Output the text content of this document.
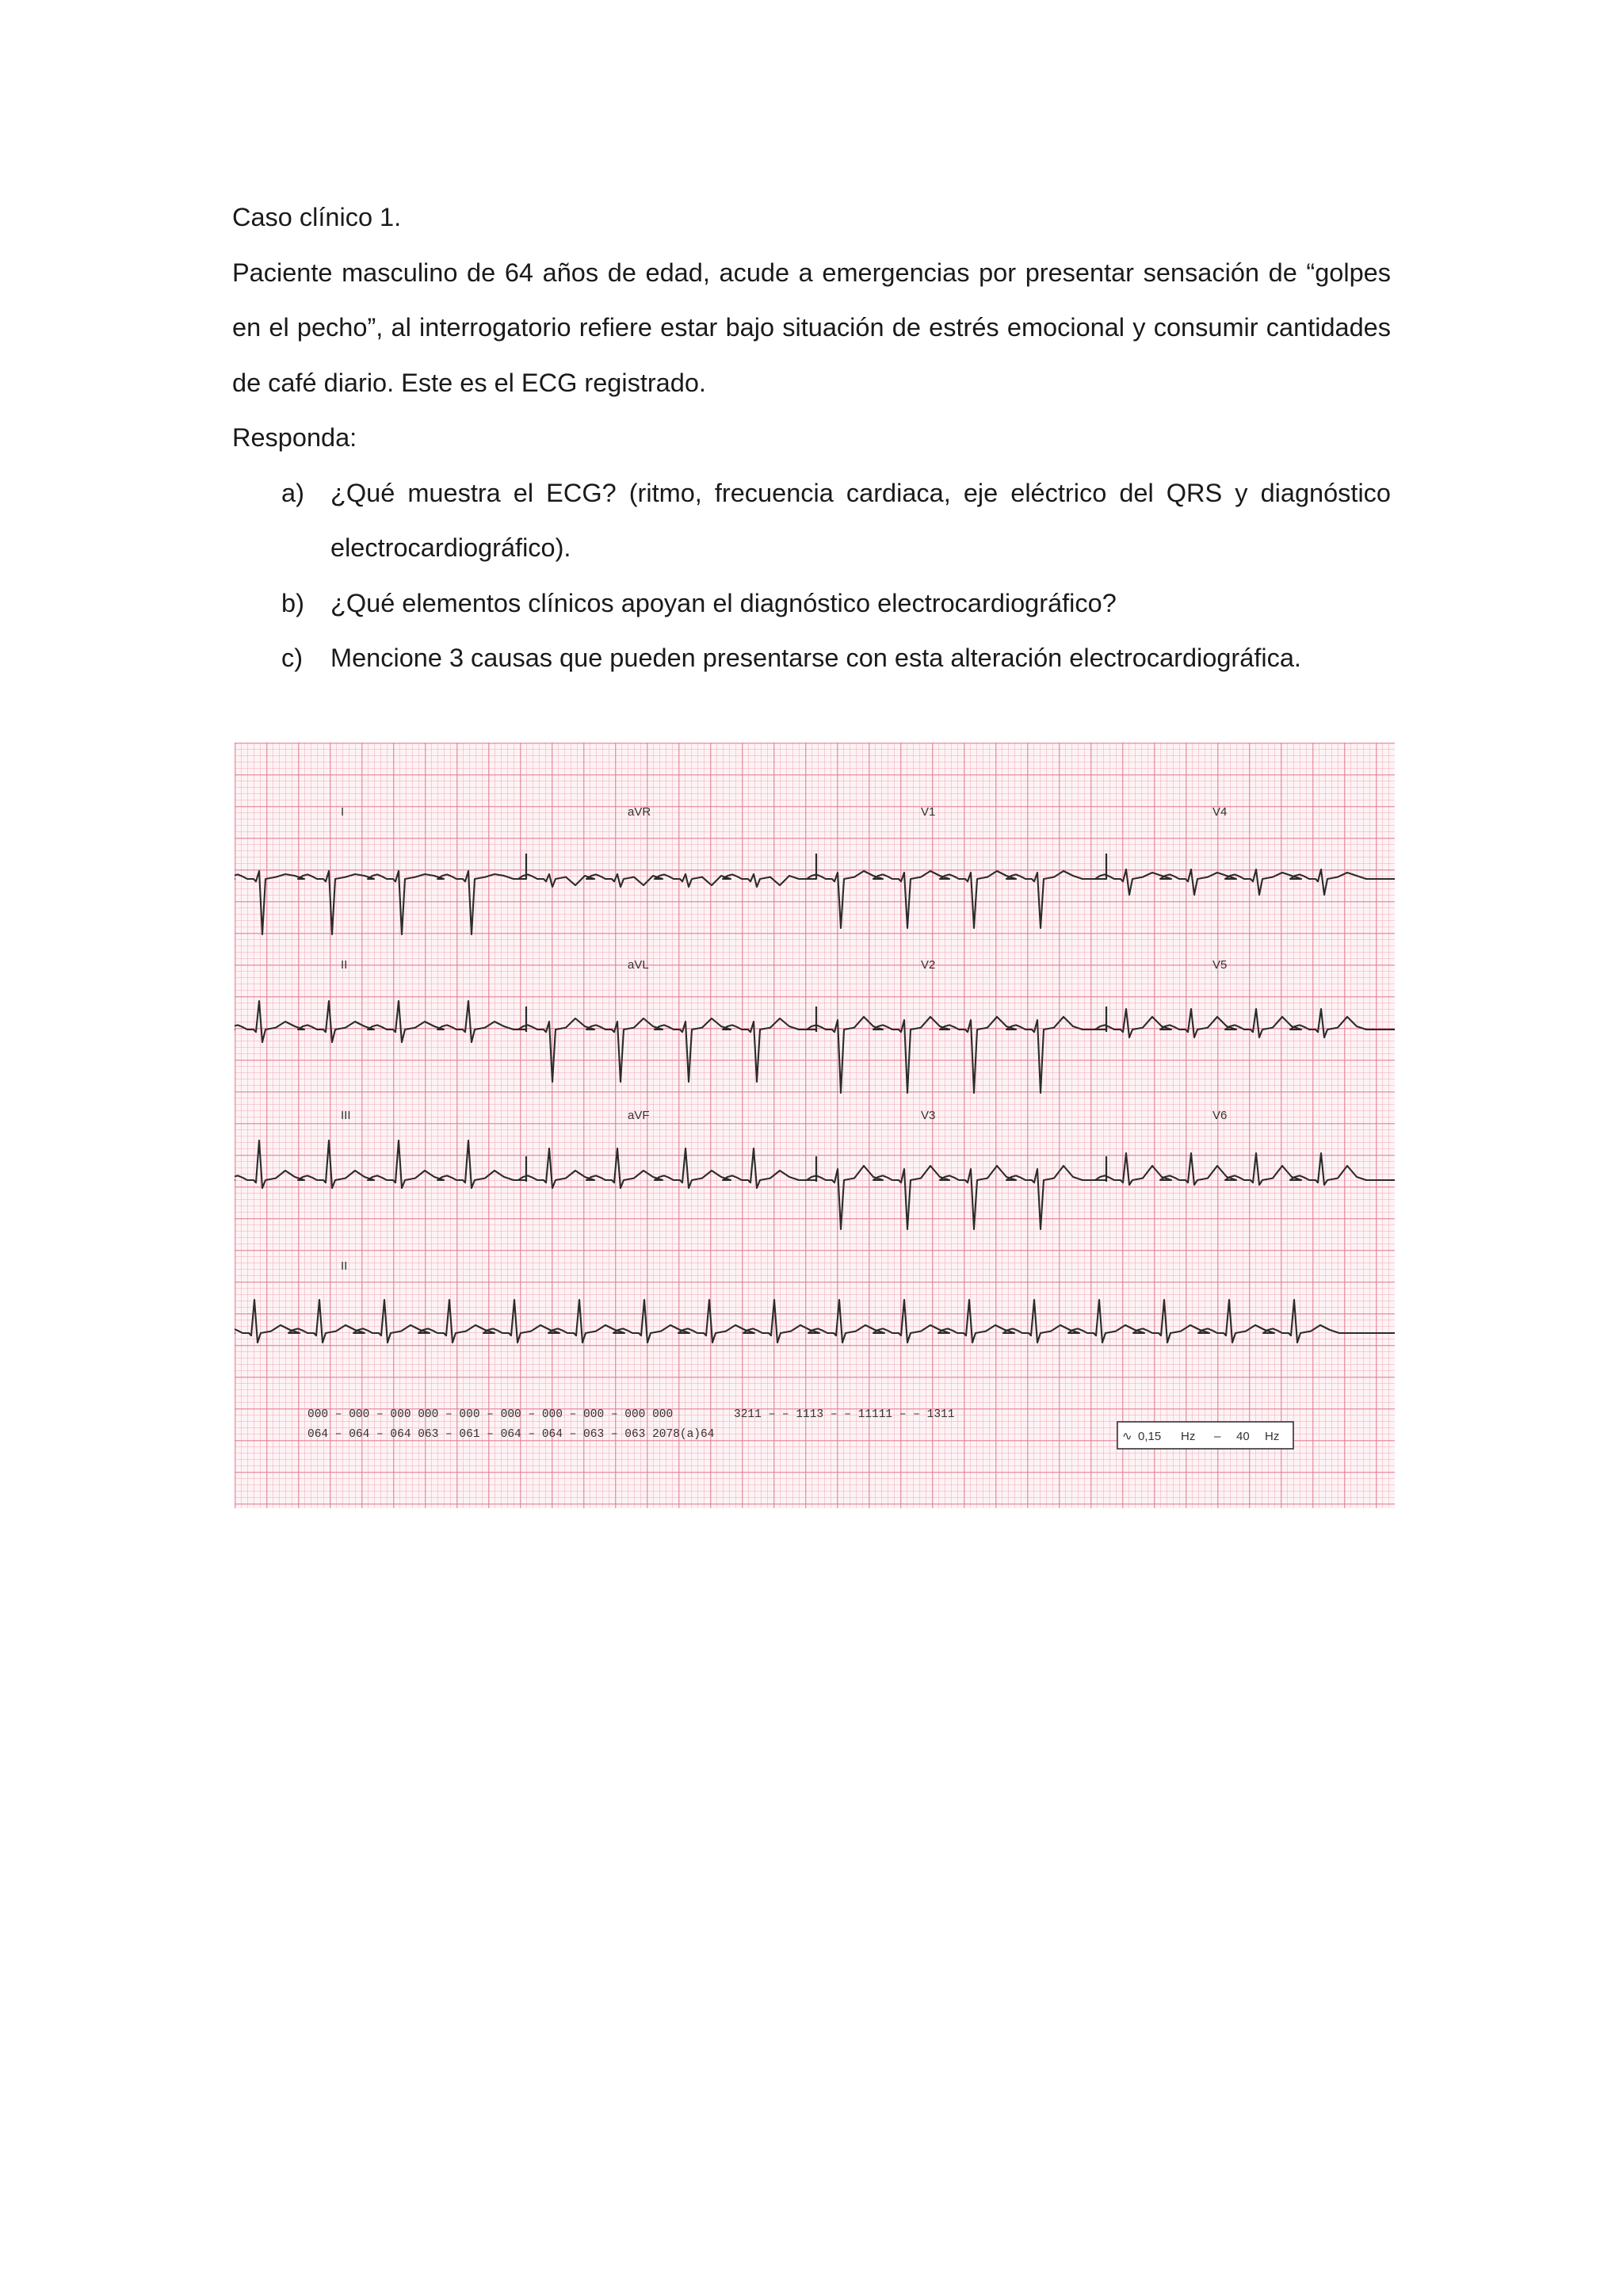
Caso clínico 1.

Paciente masculino de 64 años de edad, acude a emergencias por presentar sensación de “golpes en el pecho”, al interrogatorio refiere estar bajo situación de estrés emocional y consumir cantidades de café diario. Este es el ECG registrado.

Responda:

a) ¿Qué muestra el ECG? (ritmo, frecuencia cardiaca, eje eléctrico del QRS y diagnóstico electrocardiográfico).
b) ¿Qué elementos clínicos apoyan el diagnóstico electrocardiográfico?
c) Mencione 3 causas que pueden presentarse con esta alteración electrocardiográfica.
I	aVR	V1	V4
II	aVL	V2	V5
III	aVF	V3	V6
II
000 – 000 – 000 000 – 000 – 000 – 000 – 000 – 000 000
064 – 064 – 064 063 – 061 – 064 – 064 – 063 – 063 2078(a)64
3211 – – 1113 – – 11111 – – 1311
∿ 0,15 Hz – 40 Hz
